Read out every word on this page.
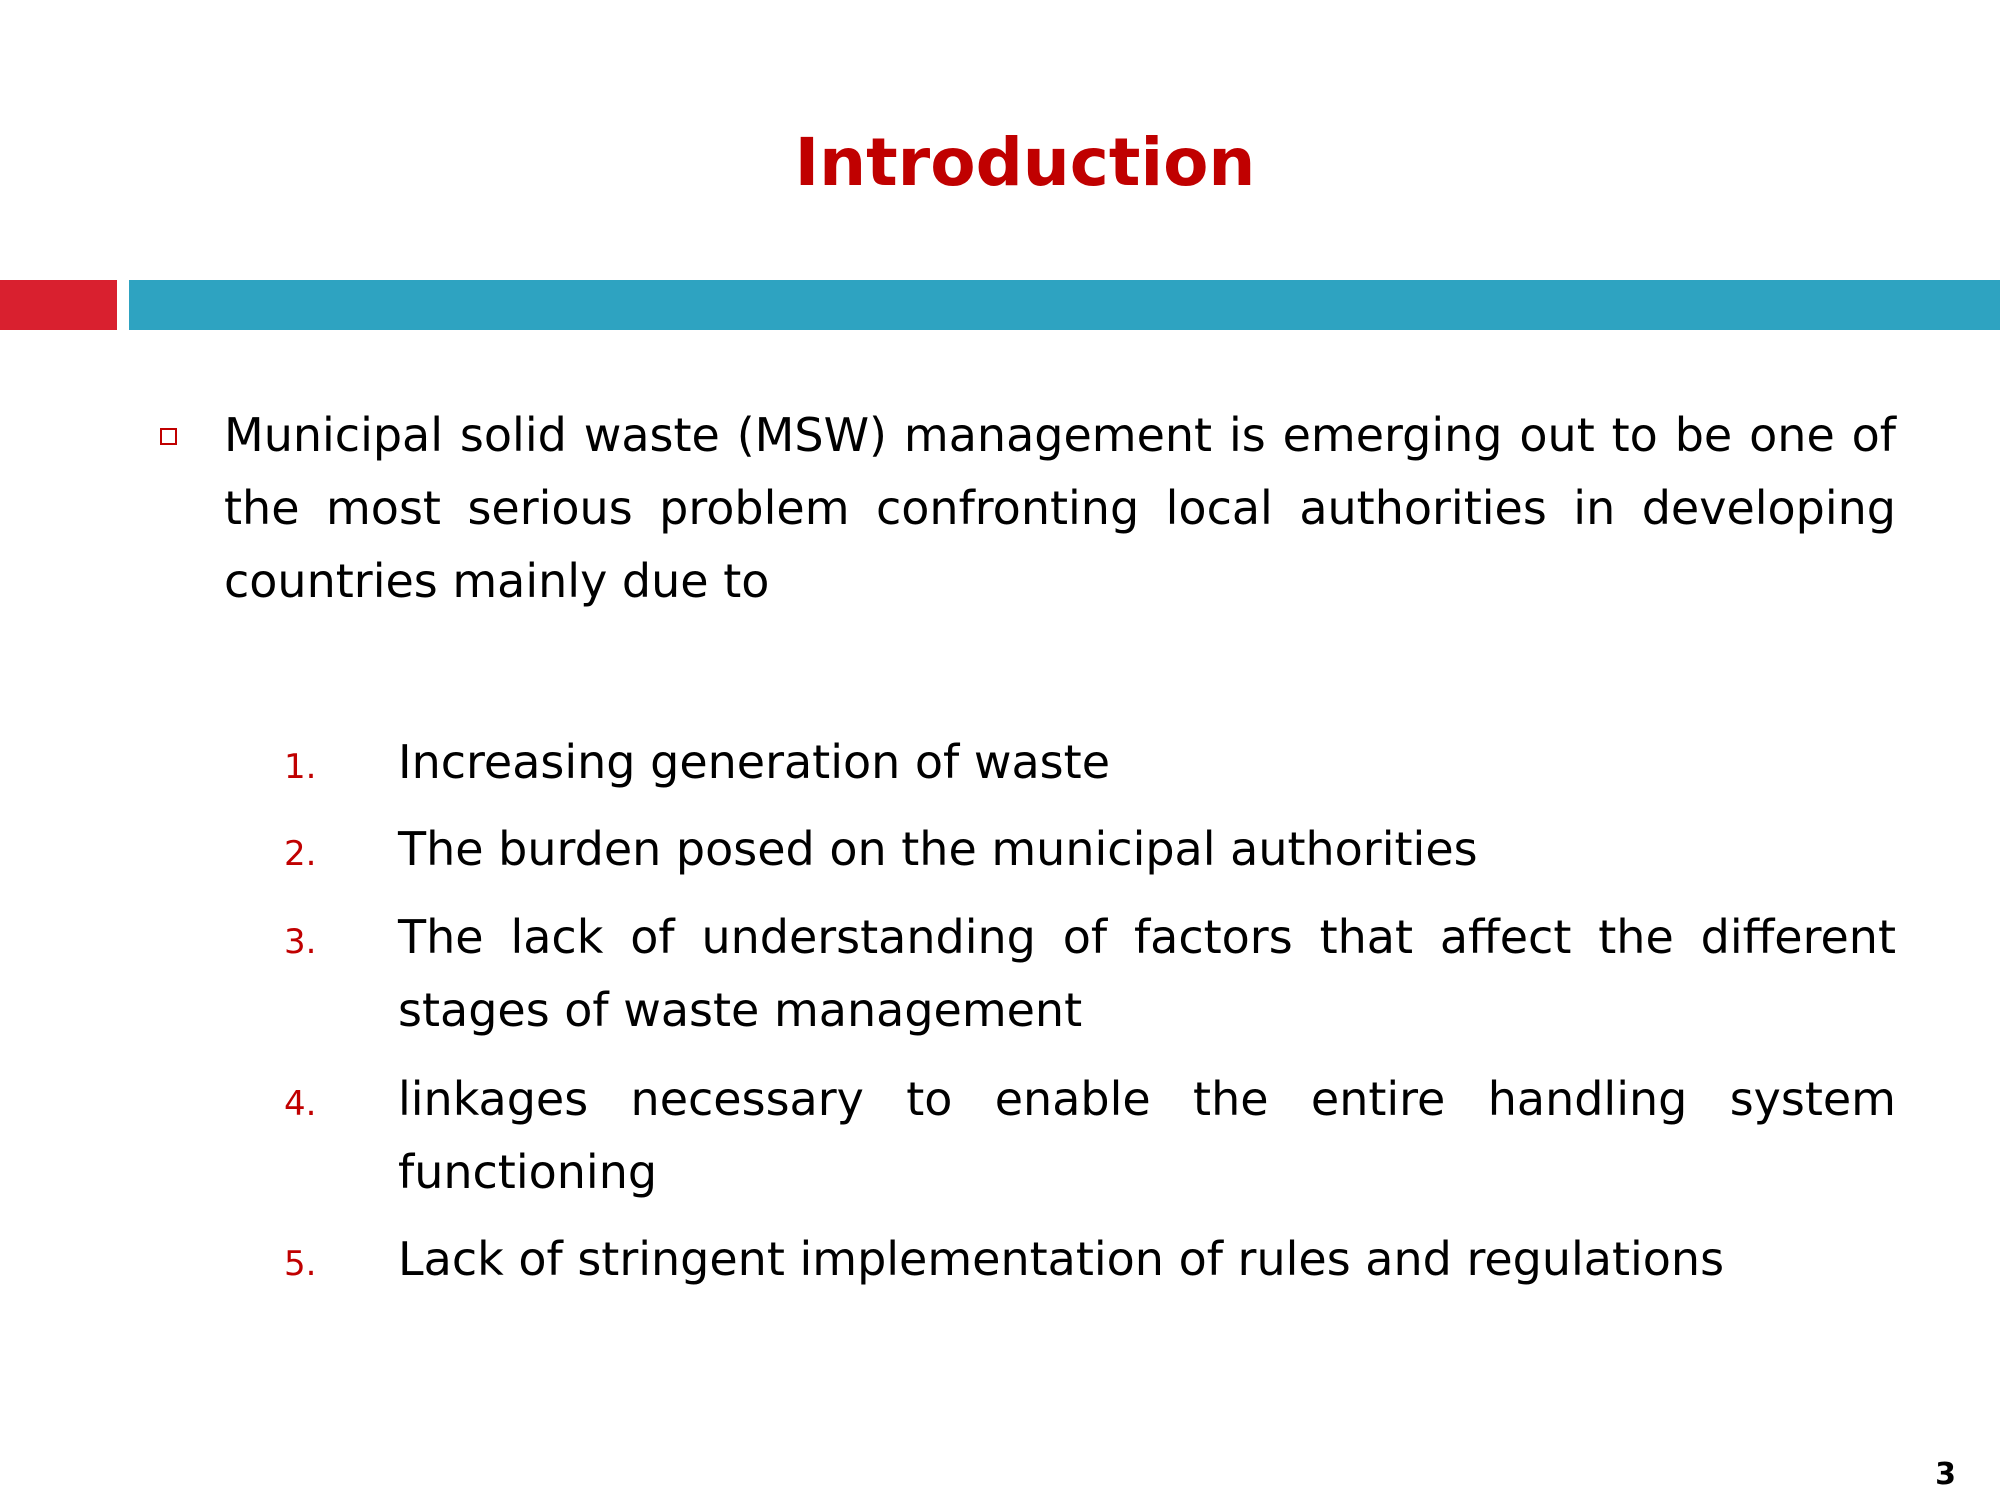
Introduction
Municipal solid waste (MSW) management is emerging out to be one of the most serious problem confronting local authorities in developing countries mainly due to
1. Increasing generation of waste
2. The burden posed on the municipal authorities
3. The lack of understanding of factors that affect the different stages of waste management
4. linkages necessary to enable the entire handling system functioning
5. Lack of stringent implementation of rules and regulations
3
